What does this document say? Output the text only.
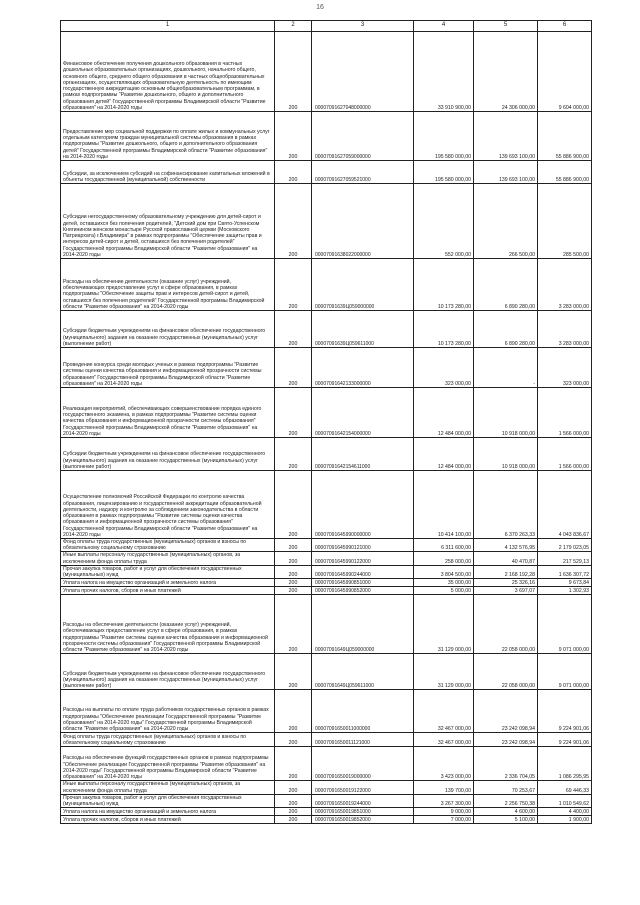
16
1	2	3	4	5	6
Финансовое обеспечение получения дошкольного образования в частных дошкольных образовательных организациях, дошкольного, начального общего, основного общего, среднего общего образования в частных общеобразовательных организациях, осуществляющих образовательную деятельность по имеющим государственную аккредитацию основным общеобразовательным программам, в рамках подпрограммы "Развитие дошкольного, общего и дополнительного образования детей" Государственной программы Владимирской области "Развитие образования" на 2014-2020 годы	200	00007091627048000000	33 910 900,00	24 306 000,00	9 604 000,00
Предоставление мер социальной поддержки по оплате жилых и коммунальных услуг отдельным категориям граждан муниципальной системы образования в рамках подпрограммы "Развитие дошкольного, общего и дополнительного образования детей" Государственной программы Владимирской области "Развитие образования" на 2014-2020 годы	200	00007091627059000000	195 580 000,00	139 693 100,00	55 886 900,00
Субсидии, за исключением субсидий на софинансирование капитальных вложений в объекты государственной (муниципальной) собственности	200	00007091627059521000	195 580 000,00	139 693 100,00	55 886 900,00
Субсидии негосударственному образовательному учреждению для детей-сирот и детей, оставшихся без попечения родителей, "Детский дом при Свято-Успенском Княгинином женском монастыре Русской православной церкви (Московского Патриархата) г.Владимира" в рамках подпрограммы "Обеспечение защиты прав и интересов детей-сирот и детей, оставшихся без попечения родителей" Государственной программы Владимирской области "Развитие образования" на 2014-2020 годы	200	00007091638022000000	552 000,00	266 500,00	285 500,00
Расходы на обеспечение деятельности (оказание услуг) учреждений, обеспечивающих предоставление услуг в сфере образования, в рамках подпрограммы "Обеспечение защиты прав и интересов детей-сирот и детей, оставшихся без попечения родителей" Государственной программы Владимирской области "Развитие образования" на 2014-2020 годы	200	00007091639Ц059000000	10 173 280,00	6 890 280,00	3 283 000,00
Субсидии бюджетным учреждениям на финансовое обеспечение государственного (муниципального) задания на оказание государственных (муниципальных) услуг (выполнение работ)	200	00007091639Ц059611000	10 173 280,00	6 890 280,00	3 283 000,00
Проведение конкурса среди молодых ученых в рамках подпрограммы "Развитие системы оценки качества образования и информационной прозрачности системы образования" Государственной программы Владимирской области "Развитие образования" на 2014-2020 годы	200	00007091642133000000	323 000,00	-	323 000,00
Реализация мероприятий, обеспечивающих совершенствование порядка единого государственного экзамена, в рамках подпрограммы "Развитие системы оценки качества образования и информационной прозрачности системы образования" Государственной программы Владимирской области "Развитие образования" на 2014-2020 годы	200	00007091642154000000	12 484 000,00	10 918 000,00	1 566 000,00
Субсидии бюджетным учреждениям на финансовое обеспечение государственного (муниципального) задания на оказание государственных (муниципальных) услуг (выполнение работ)	200	00007091642154611000	12 484 000,00	10 918 000,00	1 566 000,00
Осуществление полномочий Российской Федерации по контролю качества образования, лицензированию и государственной аккредитации образовательной деятельности, надзору и контролю за соблюдением законодательства в области образования в рамках подпрограммы "Развитие системы оценки качества образования и информационной прозрачности системы образования" Государственной программы Владимирской области "Развитие образования" на 2014-2020 годы	200	00007091645990000000	10 414 100,00	6 370 263,33	4 043 836,67
Фонд оплаты труда государственных (муниципальных) органов и взносы по обязательному социальному страхованию	200	00007091645990121000	6 311 600,00	4 132 576,95	2 179 023,05
Иные выплаты персоналу государственных (муниципальных) органов, за исключением фонда оплаты труда	200	00007091645990122000	258 000,00	40 470,87	217 529,13
Прочая закупка товаров, работ и услуг для обеспечения государственных (муниципальных) нужд	200	00007091645990244000	3 804 500,00	2 168 192,28	1 636 307,72
Уплата налога на имущество организаций и земельного налога	200	00007091645990851000	35 000,00	25 326,16	9 673,84
Уплата прочих налогов, сборов и иных платежей	200	00007091645990852000	5 000,00	3 697,07	1 302,93
Расходы на обеспечение деятельности (оказание услуг) учреждений, обеспечивающих предоставление услуг в сфере образования, в рамках подпрограммы "Развитие системы оценки качества образования и информационной прозрачности системы образования" Государственной программы Владимирской области "Развитие образования" на 2014-2020 годы	200	00007091649Ц059000000	31 129 000,00	22 058 000,00	9 071 000,00
Субсидии бюджетным учреждениям на финансовое обеспечение государственного (муниципального) задания на оказание государственных (муниципальных) услуг (выполнение работ)	200	00007091649Ц059611000	31 129 000,00	22 058 000,00	9 071 000,00
Расходы на выплаты по оплате труда работников государственных органов в рамках подпрограммы "Обеспечение реализации Государственной программы "Развитие образования" на 2014-2020 годы" Государственной программы Владимирской области "Развитие образования" на 2014-2020 годы	200	00007091650011000000	32 467 000,00	23 242 098,94	9 224 901,06
Фонд оплаты труда государственных (муниципальных) органов и взносы по обязательному социальному страхованию	200	00007091650011121000	32 467 000,00	23 242 098,94	9 224 901,06
Расходы на обеспечение функций государственных органов в рамках подпрограммы "Обеспечение реализации Государственной программы "Развитие образования" на 2014-2020 годы" Государственной программы Владимирской области "Развитие образования" на 2014-2020 годы	200	00007091650019000000	3 423 000,00	2 336 704,05	1 086 295,95
Иные выплаты персоналу государственных (муниципальных) органов, за исключением фонда оплаты труда	200	00007091650019122000	139 700,00	70 253,67	69 446,33
Прочая закупка товаров, работ и услуг для обеспечения государственных (муниципальных) нужд	200	00007091650019244000	3 267 300,00	2 256 750,38	1 010 549,62
Уплата налога на имущество организаций и земельного налога	200	00007091650019851000	9 000,00	4 600,00	4 400,00
Уплата прочих налогов, сборов и иных платежей	200	00007091650019852000	7 000,00	5 100,00	1 900,00
